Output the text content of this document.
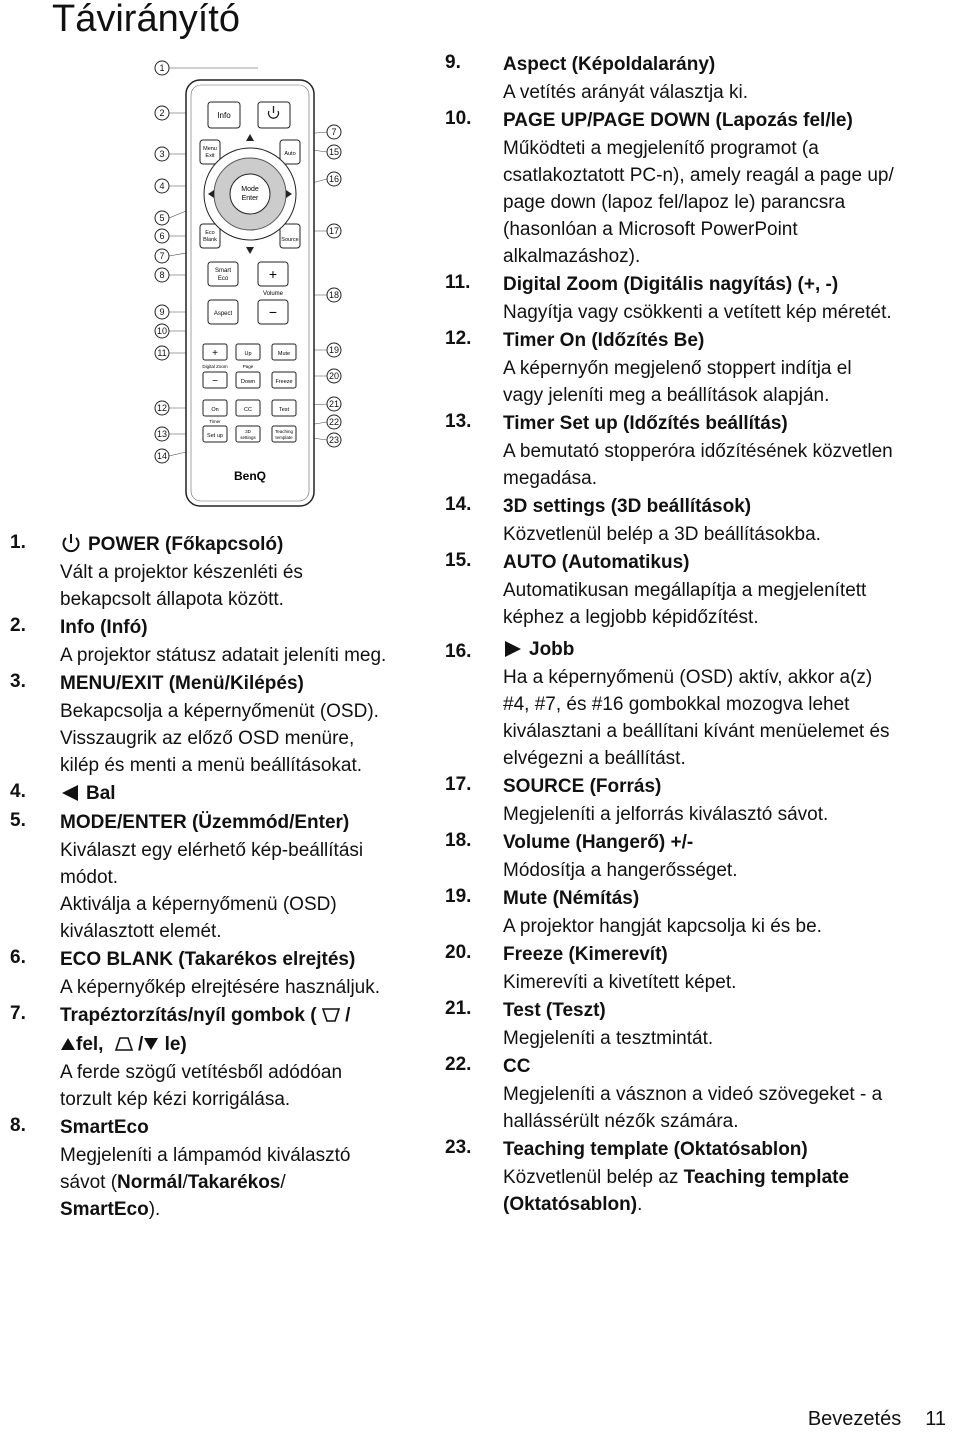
Távirányító
1
2
3
4
5
6
7
8
9
10
11
12
13
14
7
15
16
17
18
19
20
21
22
23
Info
Menu
Exit	Auto
Eco
Blank	Source
Mode
Enter
Smart
Eco	+
Volume
Aspect	−
+
Digital Zoom
−
Up
Page
Down
Mute
Freeze
On
Timer
Set up
CC
3D
settings
Test
Teaching
template
BenQ
1.	POWER (Főkapcsoló)
Vált a projektor készenléti és
bekapcsolt állapota között.
2. Info (Infó)
A projektor státusz adatait jeleníti meg.
3. MENU/EXIT (Menü/Kilépés)
Bekapcsolja a képernyőmenüt (OSD).
Visszaugrik az előző OSD menüre,
kilép és menti a menü beállításokat.
4.	Bal
5. MODE/ENTER (Üzemmód/Enter)
Kiválaszt egy elérhető kép-beállítási
módot.
Aktiválja a képernyőmenü (OSD)
kiválasztott elemét.
6. ECO BLANK (Takarékos elrejtés)
A képernyőkép elrejtésére használjuk.
7. Trapéztorzítás/nyíl gombok ( /
fel, / le)
A ferde szögű vetítésből adódóan
torzult kép kézi korrigálása.
8. SmartEco
Megjeleníti a lámpamód kiválasztó
sávot (Normál/Takarékos/
SmartEco).
9. Aspect (Képoldalarány)
A vetítés arányát választja ki.
10. PAGE UP/PAGE DOWN (Lapozás fel/le)
Működteti a megjelenítő programot (a
csatlakoztatott PC-n), amely reagál a page up/
page down (lapoz fel/lapoz le) parancsra
(hasonlóan a Microsoft PowerPoint
alkalmazáshoz).
11. Digital Zoom (Digitális nagyítás) (+, -)
Nagyítja vagy csökkenti a vetített kép méretét.
12. Timer On (Időzítés Be)
A képernyőn megjelenő stoppert indítja el
vagy jeleníti meg a beállítások alapján.
13. Timer Set up (Időzítés beállítás)
A bemutató stopperóra időzítésének közvetlen
megadása.
14. 3D settings (3D beállítások)
Közvetlenül belép a 3D beállításokba.
15. AUTO (Automatikus)
Automatikusan megállapítja a megjelenített
képhez a legjobb képidőzítést.
16.	Jobb
Ha a képernyőmenü (OSD) aktív, akkor a(z)
#4, #7, és #16 gombokkal mozogva lehet
kiválasztani a beállítani kívánt menüelemet és
elvégezni a beállítást.
17. SOURCE (Forrás)
Megjeleníti a jelforrás kiválasztó sávot.
18. Volume (Hangerő) +/-
Módosítja a hangerősséget.
19. Mute (Némítás)
A projektor hangját kapcsolja ki és be.
20. Freeze (Kimerevít)
Kimerevíti a kivetített képet.
21. Test (Teszt)
Megjeleníti a tesztmintát.
22. CC
Megjeleníti a vásznon a videó szövegeket - a
hallássérült nézők számára.
23. Teaching template (Oktatósablon)
Közvetlenül belép az Teaching template
(Oktatósablon).
Bevezetés 11
